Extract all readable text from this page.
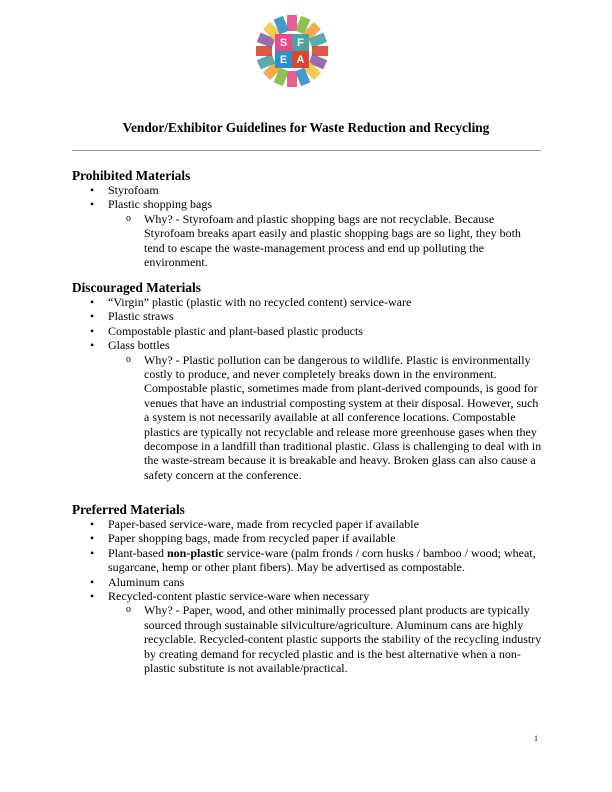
S F
E A
Vendor/Exhibitor Guidelines for Waste Reduction and Recycling
Prohibited Materials
• Styrofoam
• Plastic shopping bags

o Why? - Styrofoam and plastic shopping bags are not recyclable. Because Styrofoam breaks apart easily and plastic shopping bags are so light, they both tend to escape the waste-management process and end up polluting the environment.

Discouraged Materials
• “Virgin” plastic (plastic with no recycled content) service-ware
• Plastic straws
• Compostable plastic and plant-based plastic products
• Glass bottles

o Why? - Plastic pollution can be dangerous to wildlife. Plastic is environmentally costly to produce, and never completely breaks down in the environment. Compostable plastic, sometimes made from plant-derived compounds, is good for venues that have an industrial composting system at their disposal. However, such a system is not necessarily available at all conference locations. Compostable plastics are typically not recyclable and release more greenhouse gases when they decompose in a landfill than traditional plastic. Glass is challenging to deal with in the waste-stream because it is breakable and heavy. Broken glass can also cause a safety concern at the conference.

Preferred Materials
• Paper-based service-ware, made from recycled paper if available
• Paper shopping bags, made from recycled paper if available
• Plant-based non-plastic service-ware (palm fronds / corn husks / bamboo / wood; wheat, sugarcane, hemp or other plant fibers). May be advertised as compostable.
• Aluminum cans
• Recycled-content plastic service-ware when necessary

o Why? - Paper, wood, and other minimally processed plant products are typically sourced through sustainable silviculture/agriculture. Aluminum cans are highly recyclable. Recycled-content plastic supports the stability of the recycling industry by creating demand for recycled plastic and is the best alternative when a non-plastic substitute is not available/practical.

1
